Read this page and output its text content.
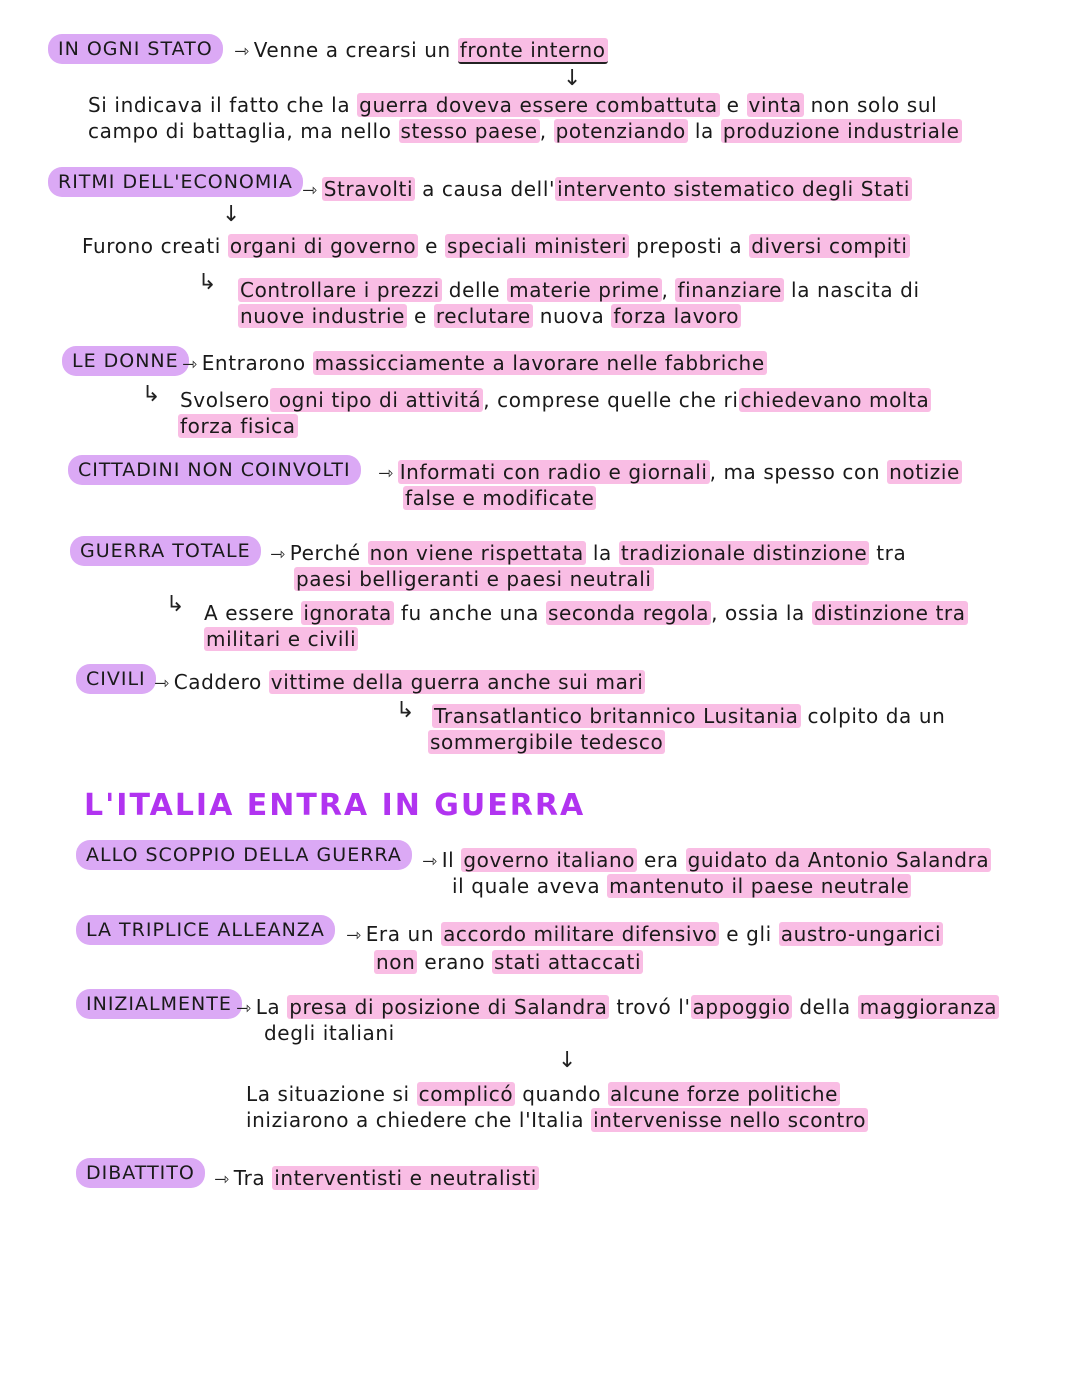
IN OGNI STATO	⇾ Venne a crearsi un fronte interno
↓
Si indicava il fatto che la guerra doveva essere combattuta e vinta non solo sul
campo di battaglia, ma nello stesso paese , potenziando la produzione industriale
RITMI DELL'ECONOMIA ⇾ Stravolti a causa dell' intervento sistematico degli Stati
↓
Furono creati organi di governo e speciali ministeri preposti a diversi compiti
↳ Controllare i prezzi delle materie prime , finanziare la nascita di
nuove industrie e reclutare nuova forza lavoro
LE DONNE ⇾ Entrarono massicciamente a lavorare nelle fabbriche
↳ Svolsero ogni tipo di attivitá , comprese quelle che ri chiedevano molta
forza fisica
CITTADINI NON COINVOLTI	⇾ Informati con radio e giornali , ma spesso con notizie
false e modificate
GUERRA TOTALE	⇾ Perché non viene rispettata la tradizionale distinzione tra
paesi belligeranti e paesi neutrali
↳ A essere ignorata fu anche una seconda regola , ossia la distinzione tra
militari e civili
CIVILI ⇾ Caddero vittime della guerra anche sui mari
↳ Transatlantico britannico Lusitania colpito da un
sommergibile tedesco
L'ITALIA ENTRA IN GUERRA
ALLO SCOPPIO DELLA GUERRA	⇾ Il governo italiano era guidato da Antonio Salandra
il quale aveva mantenuto il paese neutrale
LA TRIPLICE ALLEANZA	⇾ Era un accordo militare difensivo e gli austro-ungarici
non erano stati attaccati
INIZIALMENTE ⇾ La presa di posizione di Salandra trovó l' appoggio della maggioranza
degli italiani
↓
La situazione si complicó quando alcune forze politiche
iniziarono a chiedere che l'Italia intervenisse nello scontro
DIBATTITO	⇾ Tra interventisti e neutralisti
